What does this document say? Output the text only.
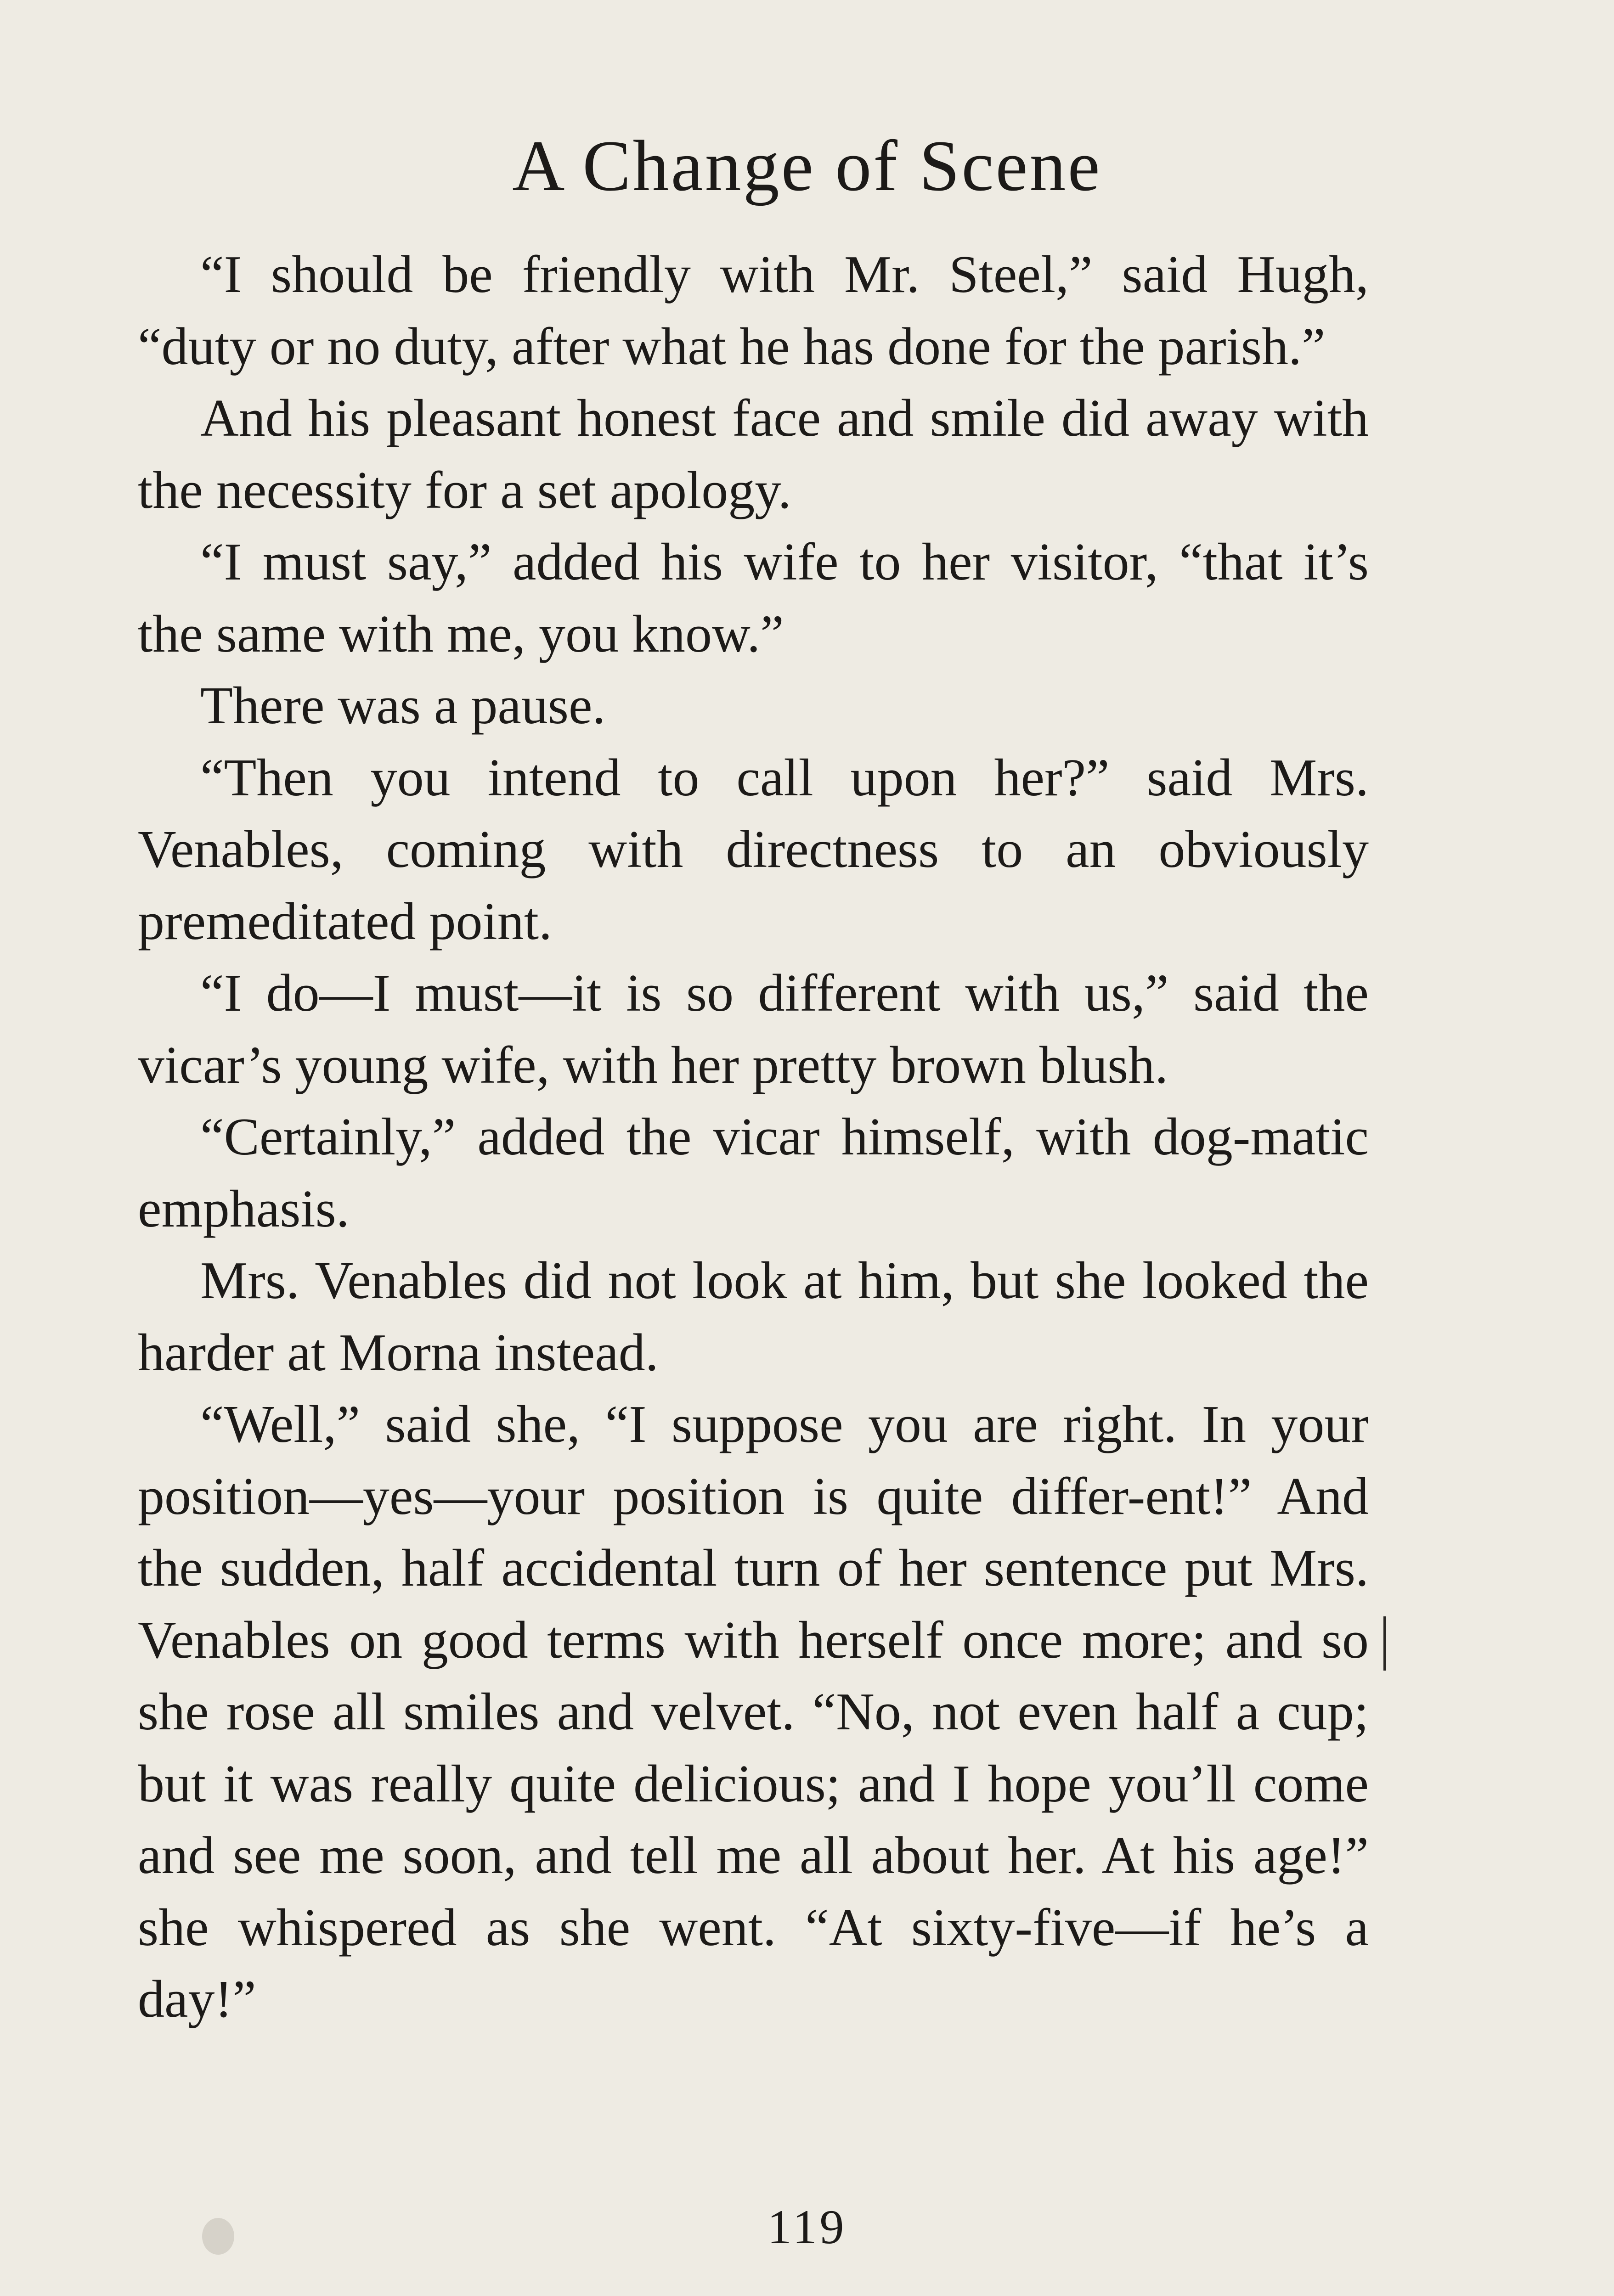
A Change of Scene

“I should be friendly with Mr. Steel,” said Hugh, “duty or no duty, after what he has done for the parish.”

And his pleasant honest face and smile did away with the necessity for a set apology.

“I must say,” added his wife to her visitor, “that it’s the same with me, you know.”

There was a pause.

“Then you intend to call upon her?” said Mrs. Venables, coming with directness to an obviously premeditated point.

“I do—I must—it is so different with us,” said the vicar’s young wife, with her pretty brown blush.

“Certainly,” added the vicar himself, with dog-matic emphasis.

Mrs. Venables did not look at him, but she looked the harder at Morna instead.

“Well,” said she, “I suppose you are right. In your position—yes—your position is quite differ-ent!” And the sudden, half accidental turn of her sentence put Mrs. Venables on good terms with herself once more; and so she rose all smiles and velvet. “No, not even half a cup; but it was really quite delicious; and I hope you’ll come and see me soon, and tell me all about her. At his age!” she whispered as she went. “At sixty-five—if he’s a day!”

119
